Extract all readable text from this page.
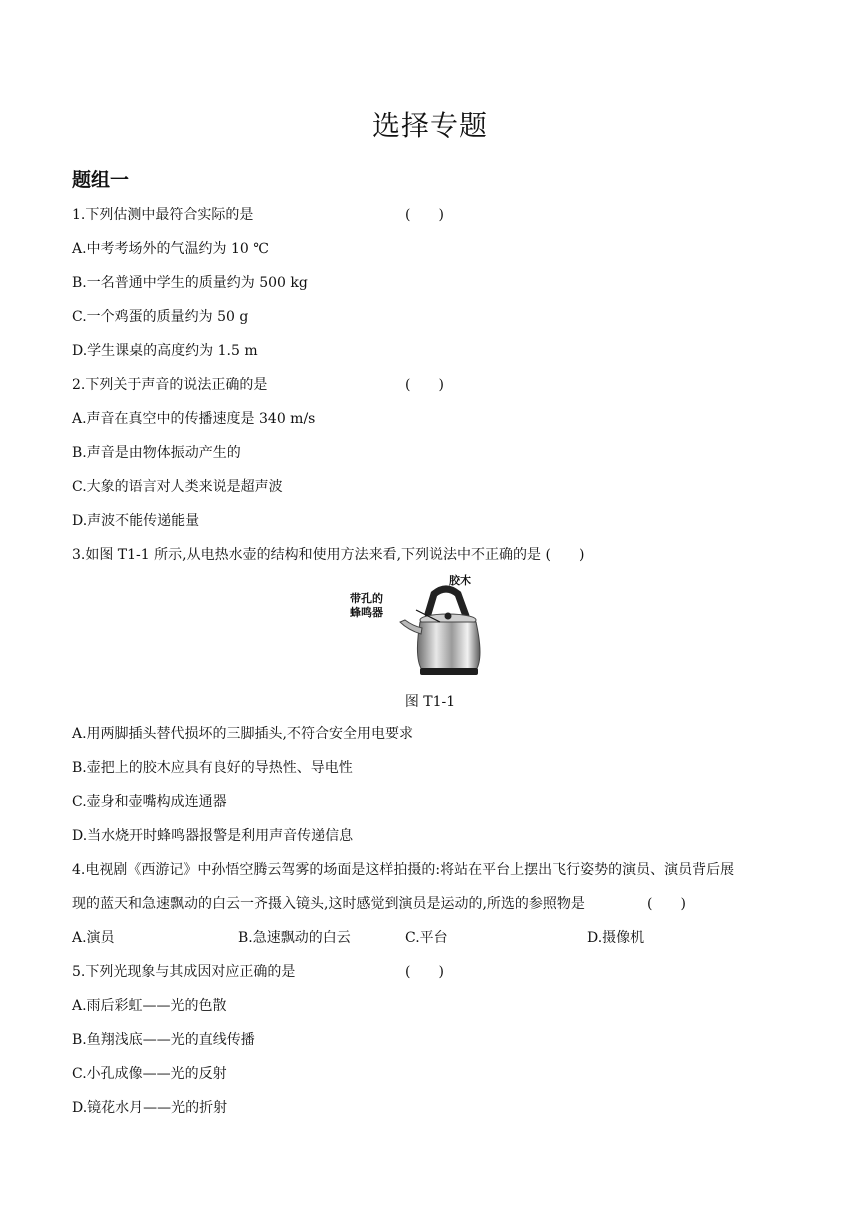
选择专题
题组一
1.下列估测中最符合实际的是	(　　)
A.中考考场外的气温约为 10 ℃
B.一名普通中学生的质量约为 500 kg
C.一个鸡蛋的质量约为 50 g
D.学生课桌的高度约为 1.5 m
2.下列关于声音的说法正确的是	(　　)
A.声音在真空中的传播速度是 340 m/s
B.声音是由物体振动产生的
C.大象的语言对人类来说是超声波
D.声波不能传递能量
3.如图 T1-1 所示,从电热水壶的结构和使用方法来看,下列说法中不正确的是 (　　)
胶木
带孔的
蜂鸣器
图 T1-1
A.用两脚插头替代损坏的三脚插头,不符合安全用电要求
B.壶把上的胶木应具有良好的导热性、导电性
C.壶身和壶嘴构成连通器
D.当水烧开时蜂鸣器报警是利用声音传递信息
4.电视剧《西游记》中孙悟空腾云驾雾的场面是这样拍摄的:将站在平台上摆出飞行姿势的演员、演员背后展
现的蓝天和急速飘动的白云一齐摄入镜头,这时感觉到演员是运动的,所选的参照物是	(　　)
A.演员	B.急速飘动的白云	C.平台	D.摄像机
5.下列光现象与其成因对应正确的是	(　　)
A.雨后彩虹——光的色散
B.鱼翔浅底——光的直线传播
C.小孔成像——光的反射
D.镜花水月——光的折射
